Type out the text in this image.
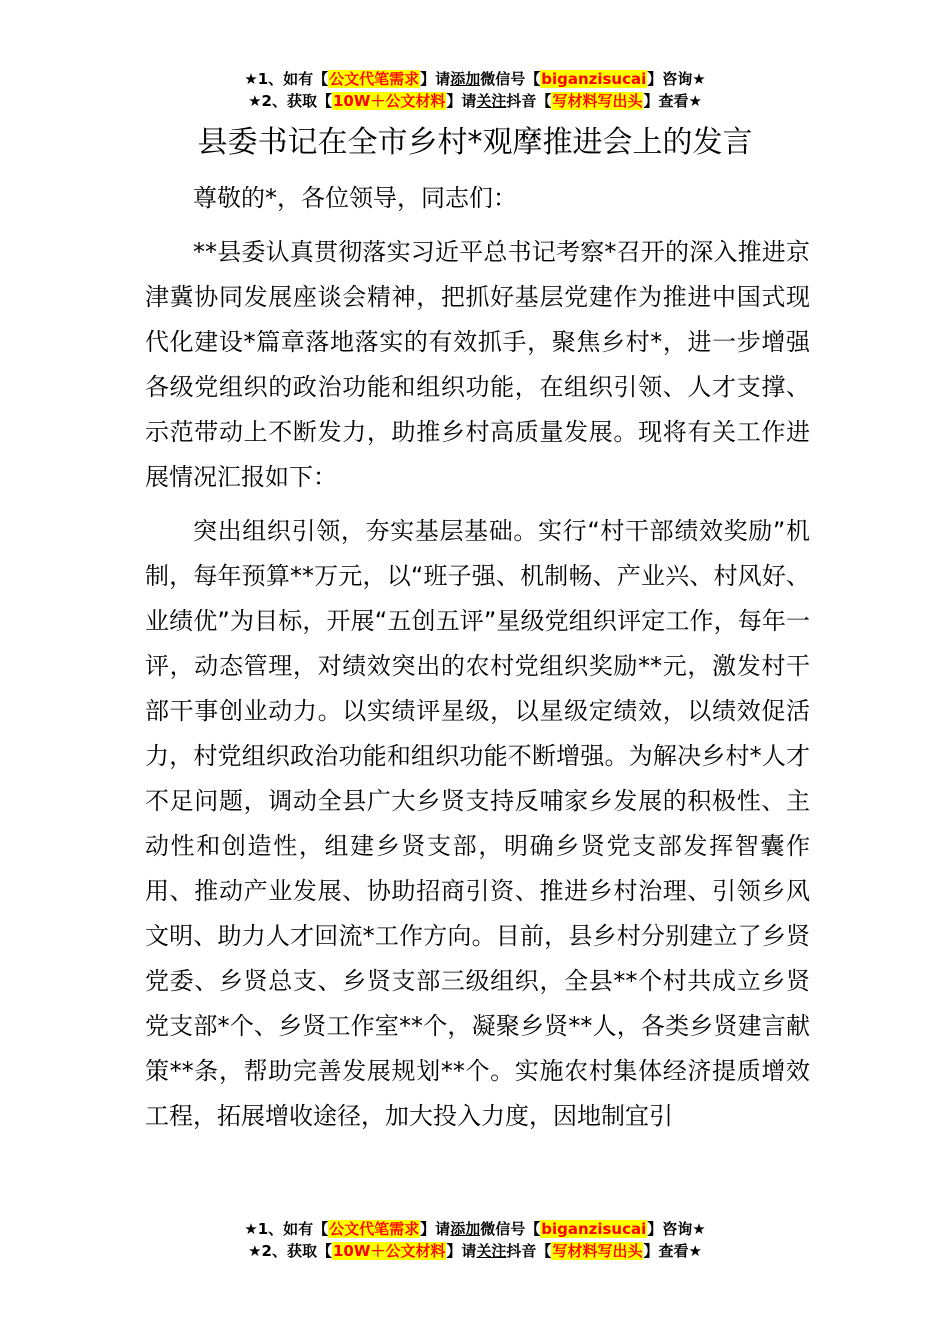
★1、如有【公文代笔需求】请添加微信号【biganzisucai】咨询★
★2、获取【10W＋公文材料】请关注抖音【写材料写出头】查看★
县委书记在全市乡村*观摩推进会上的发言

尊敬的*，各位领导，同志们：

**县委认真贯彻落实习近平总书记考察*召开的深入推进京津冀协同发展座谈会精神，把抓好基层党建作为推进中国式现代化建设*篇章落地落实的有效抓手，聚焦乡村*，进一步增强各级党组织的政治功能和组织功能，在组织引领、人才支撑、示范带动上不断发力，助推乡村高质量发展。现将有关工作进展情况汇报如下：

突出组织引领，夯实基层基础。实行“村干部绩效奖励”机制，每年预算**万元，以“班子强、机制畅、产业兴、村风好、业绩优”为目标，开展“五创五评”星级党组织评定工作，每年一评，动态管理，对绩效突出的农村党组织奖励**元，激发村干部干事创业动力。以实绩评星级，以星级定绩效，以绩效促活力，村党组织政治功能和组织功能不断增强。为解决乡村*人才不足问题，调动全县广大乡贤支持反哺家乡发展的积极性、主动性和创造性，组建乡贤支部，明确乡贤党支部发挥智囊作用、推动产业发展、协助招商引资、推进乡村治理、引领乡风文明、助力人才回流*工作方向。目前，县乡村分别建立了乡贤党委、乡贤总支、乡贤支部三级组织，全县**个村共成立乡贤党支部*个、乡贤工作室**个，凝聚乡贤**人，各类乡贤建言献策**条，帮助完善发展规划**个。实施农村集体经济提质增效工程，拓展增收途径，加大投入力度，因地制宜引

★1、如有【公文代笔需求】请添加微信号【biganzisucai】咨询★
★2、获取【10W＋公文材料】请关注抖音【写材料写出头】查看★
